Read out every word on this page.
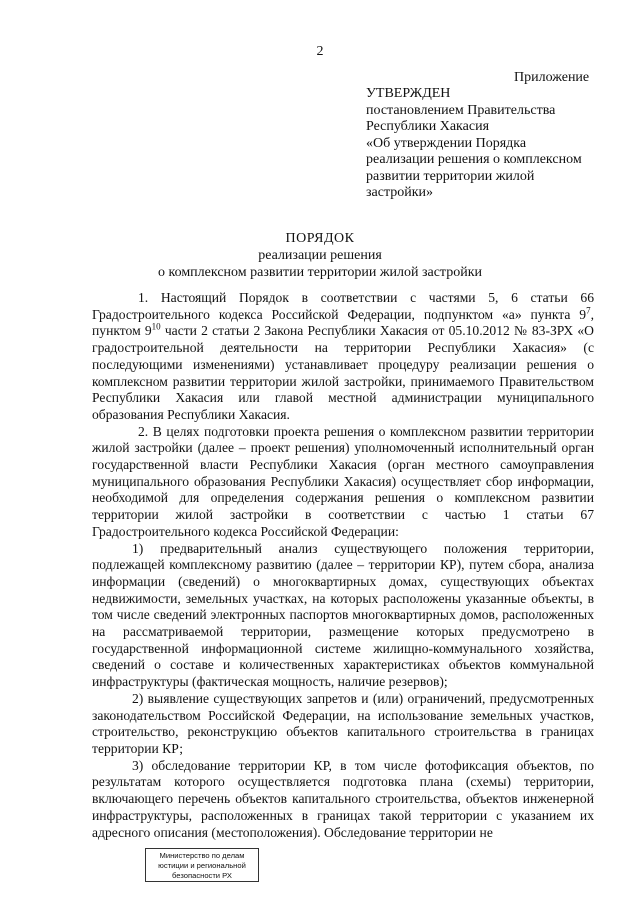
2
Приложение
УТВЕРЖДЕН
постановлением Правительства
Республики Хакасия
«Об утверждении Порядка
реализации решения о комплексном
развитии территории жилой
застройки»
ПОРЯДОК
реализации решения
о комплексном развитии территории жилой застройки

1. Настоящий Порядок в соответствии с частями 5, 6 статьи 66 Градостроительного кодекса Российской Федерации, подпунктом «а» пункта $9^7$, пунктом $9^{10}$ части 2 статьи 2 Закона Республики Хакасия от 05.10.2012 № 83-ЗРХ «О градостроительной деятельности на территории Республики Хакасия» (с последующими изменениями) устанавливает процедуру реализации решения о комплексном развитии территории жилой застройки, принимаемого Правительством Республики Хакасия или главой местной администрации муниципального образования Республики Хакасия.

2. В целях подготовки проекта решения о комплексном развитии территории жилой застройки (далее – проект решения) уполномоченный исполнительный орган государственной власти Республики Хакасия (орган местного самоуправления муниципального образования Республики Хакасия) осуществляет сбор информации, необходимой для определения содержания решения о комплексном развитии территории жилой застройки в соответствии с частью 1 статьи 67 Градостроительного кодекса Российской Федерации:

1) предварительный анализ существующего положения территории, подлежащей комплексному развитию (далее – территории КР), путем сбора, анализа информации (сведений) о многоквартирных домах, существующих объектах недвижимости, земельных участках, на которых расположены указанные объекты, в том числе сведений электронных паспортов многоквартирных домов, расположенных на рассматриваемой территории, размещение которых предусмотрено в государственной информационной системе жилищно-коммунального хозяйства, сведений о составе и количественных характеристиках объектов коммунальной инфраструктуры (фактическая мощность, наличие резервов);

2) выявление существующих запретов и (или) ограничений, предусмотренных законодательством Российской Федерации, на использование земельных участков, строительство, реконструкцию объектов капитального строительства в границах территории КР;

3) обследование территории КР, в том числе фотофиксация объектов, по результатам которого осуществляется подготовка плана (схемы) территории, включающего перечень объектов капитального строительства, объектов инженерной инфраструктуры, расположенных в границах такой территории с указанием их адресного описания (местоположения). Обследование территории не

Министерство по делам
юстиции и региональной
безопасности РХ
